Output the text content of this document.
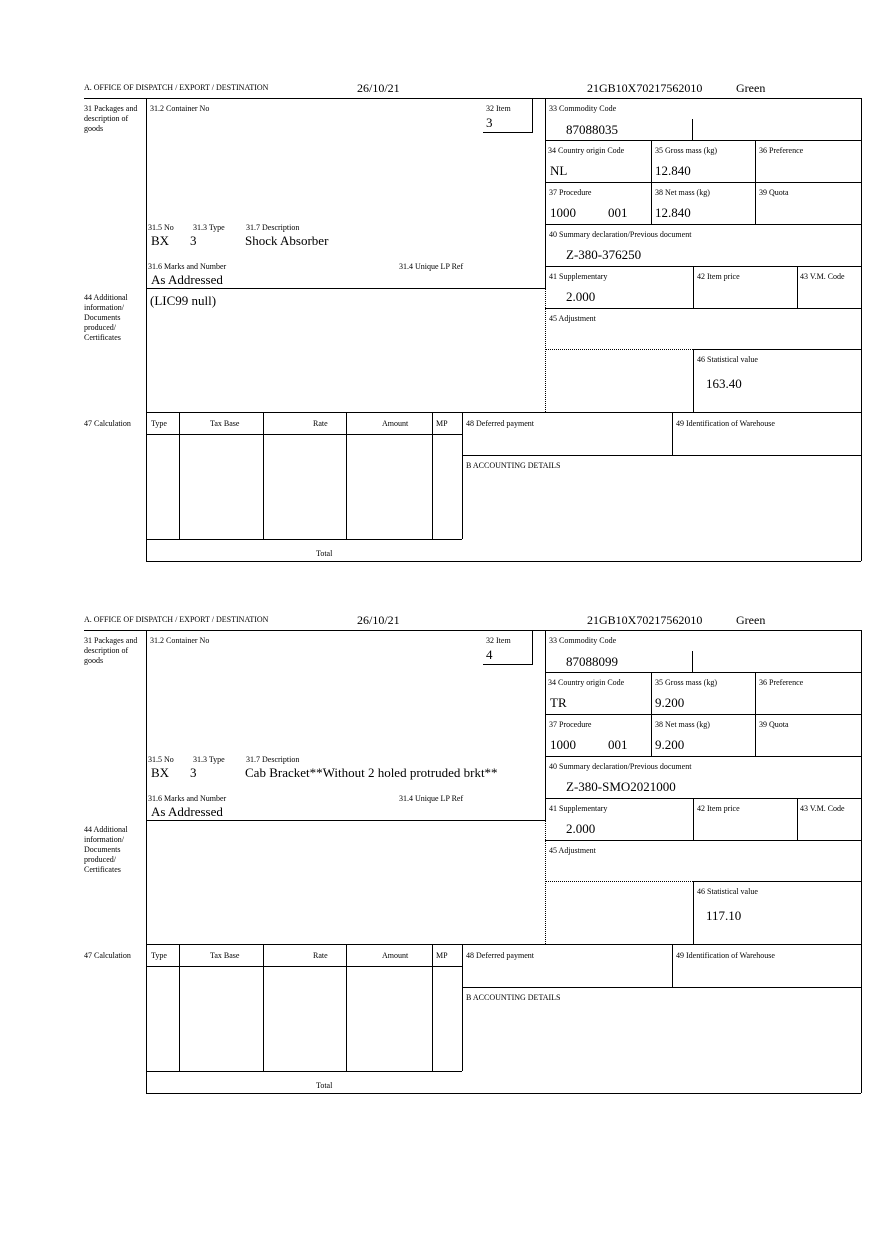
A. OFFICE OF DISPATCH / EXPORT / DESTINATION	26/10/21	21GB10X70217562010	Green
31 Packages and description of goods
31.2 Container No	32 Item
3
33 Commodity Code
87088035
34 Country origin Code
NL
35 Gross mass (kg)
12.840
36 Preference
37 Procedure
1000 001
38 Net mass (kg)
12.840
39 Quota
40 Summary declaration/Previous document
Z-380-376250
31.5 No 31.3 Type	31.7 Description
BX 3	Shock Absorber
31.6 Marks and Number	31.4 Unique LP Ref
As Addressed	41 Supplementary
2.000
42 Item price	43 V.M. Code
44 Additional information/ Documents produced/ Certificates
(LIC99 null)
45 Adjustment
46 Statistical value
163.40
47 Calculation	Type	Tax Base	Rate	Amount	MP 48 Deferred payment	49 Identification of Warehouse
B ACCOUNTING DETAILS
Total
A. OFFICE OF DISPATCH / EXPORT / DESTINATION	26/10/21	21GB10X70217562010	Green
31 Packages and description of goods
31.2 Container No	32 Item
4
33 Commodity Code
87088099
34 Country origin Code
TR
35 Gross mass (kg)
9.200
36 Preference
37 Procedure
1000 001
38 Net mass (kg)
9.200
39 Quota
40 Summary declaration/Previous document
Z-380-SMO2021000
31.5 No 31.3 Type	31.7 Description
BX 3	Cab Bracket**Without 2 holed protruded brkt**
31.6 Marks and Number	31.4 Unique LP Ref
As Addressed	41 Supplementary
2.000
42 Item price	43 V.M. Code
44 Additional information/ Documents produced/ Certificates
45 Adjustment
46 Statistical value
117.10
47 Calculation	Type	Tax Base	Rate	Amount	MP 48 Deferred payment	49 Identification of Warehouse
B ACCOUNTING DETAILS
Total
